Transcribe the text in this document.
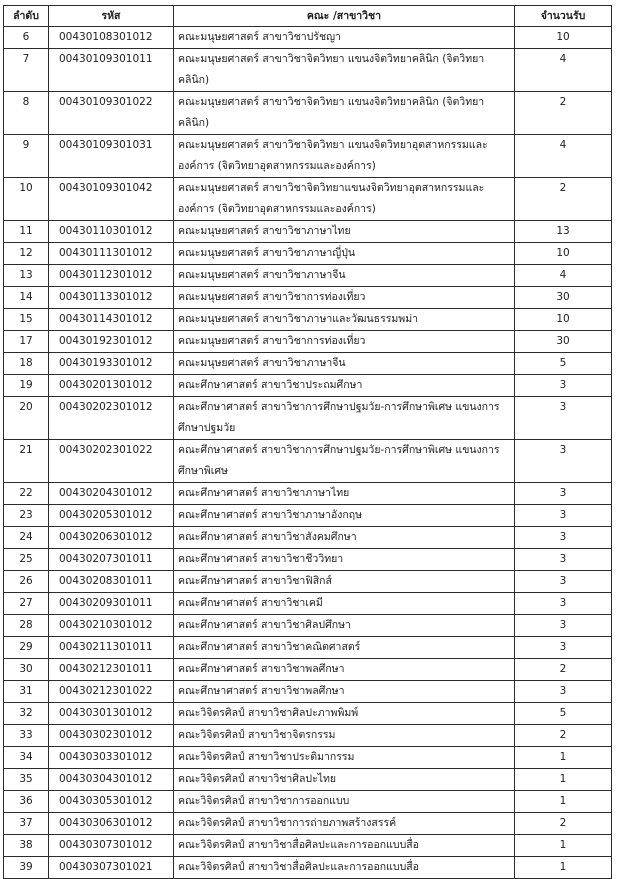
ลำดับ	รหัส	คณะ /สาขาวิชา	จำนวนรับ
6	00430108301012	คณะมนุษยศาสตร์ สาขาวิชาปรัชญา	10
7	00430109301011	คณะมนุษยศาสตร์ สาขาวิชาจิตวิทยา แขนงจิตวิทยาคลินิก (จิตวิทยาคลินิก)	4
8	00430109301022	คณะมนุษยศาสตร์ สาขาวิชาจิตวิทยา แขนงจิตวิทยาคลินิก (จิตวิทยาคลินิก)	2
9	00430109301031	คณะมนุษยศาสตร์ สาขาวิชาจิตวิทยา แขนงจิตวิทยาอุตสาหกรรมและองค์การ (จิตวิทยาอุตสาหกรรมและองค์การ)	4
10	00430109301042	คณะมนุษยศาสตร์ สาขาวิชาจิตวิทยาแขนงจิตวิทยาอุตสาหกรรมและองค์การ (จิตวิทยาอุตสาหกรรมและองค์การ)	2
11	00430110301012	คณะมนุษยศาสตร์ สาขาวิชาภาษาไทย	13
12	00430111301012	คณะมนุษยศาสตร์ สาขาวิชาภาษาญี่ปุ่น	10
13	00430112301012	คณะมนุษยศาสตร์ สาขาวิชาภาษาจีน	4
14	00430113301012	คณะมนุษยศาสตร์ สาขาวิชาการท่องเที่ยว	30
15	00430114301012	คณะมนุษยศาสตร์ สาขาวิชาภาษาและวัฒนธรรมพม่า	10
17	00430192301012	คณะมนุษยศาสตร์ สาขาวิชาการท่องเที่ยว	30
18	00430193301012	คณะมนุษยศาสตร์ สาขาวิชาภาษาจีน	5
19	00430201301012	คณะศึกษาศาสตร์ สาขาวิชาประถมศึกษา	3
20	00430202301012	คณะศึกษาศาสตร์ สาขาวิชาการศึกษาปฐมวัย-การศึกษาพิเศษ แขนงการศึกษาปฐมวัย	3
21	00430202301022	คณะศึกษาศาสตร์ สาขาวิชาการศึกษาปฐมวัย-การศึกษาพิเศษ แขนงการศึกษาพิเศษ	3
22	00430204301012	คณะศึกษาศาสตร์ สาขาวิชาภาษาไทย	3
23	00430205301012	คณะศึกษาศาสตร์ สาขาวิชาภาษาอังกฤษ	3
24	00430206301012	คณะศึกษาศาสตร์ สาขาวิชาสังคมศึกษา	3
25	00430207301011	คณะศึกษาศาสตร์ สาขาวิชาชีววิทยา	3
26	00430208301011	คณะศึกษาศาสตร์ สาขาวิชาฟิสิกส์	3
27	00430209301011	คณะศึกษาศาสตร์ สาขาวิชาเคมี	3
28	00430210301012	คณะศึกษาศาสตร์ สาขาวิชาศิลปศึกษา	3
29	00430211301011	คณะศึกษาศาสตร์ สาขาวิชาคณิตศาสตร์	3
30	00430212301011	คณะศึกษาศาสตร์ สาขาวิชาพลศึกษา	2
31	00430212301022	คณะศึกษาศาสตร์ สาขาวิชาพลศึกษา	3
32	00430301301012	คณะวิจิตรศิลป์ สาขาวิชาศิลปะภาพพิมพ์	5
33	00430302301012	คณะวิจิตรศิลป์ สาขาวิชาจิตรกรรม	2
34	00430303301012	คณะวิจิตรศิลป์ สาขาวิชาประติมากรรม	1
35	00430304301012	คณะวิจิตรศิลป์ สาขาวิชาศิลปะไทย	1
36	00430305301012	คณะวิจิตรศิลป์ สาขาวิชาการออกแบบ	1
37	00430306301012	คณะวิจิตรศิลป์ สาขาวิชาการถ่ายภาพสร้างสรรค์	2
38	00430307301012	คณะวิจิตรศิลป์ สาขาวิชาสื่อศิลปะและการออกแบบสื่อ	1
39	00430307301021	คณะวิจิตรศิลป์ สาขาวิชาสื่อศิลปะและการออกแบบสื่อ	1
